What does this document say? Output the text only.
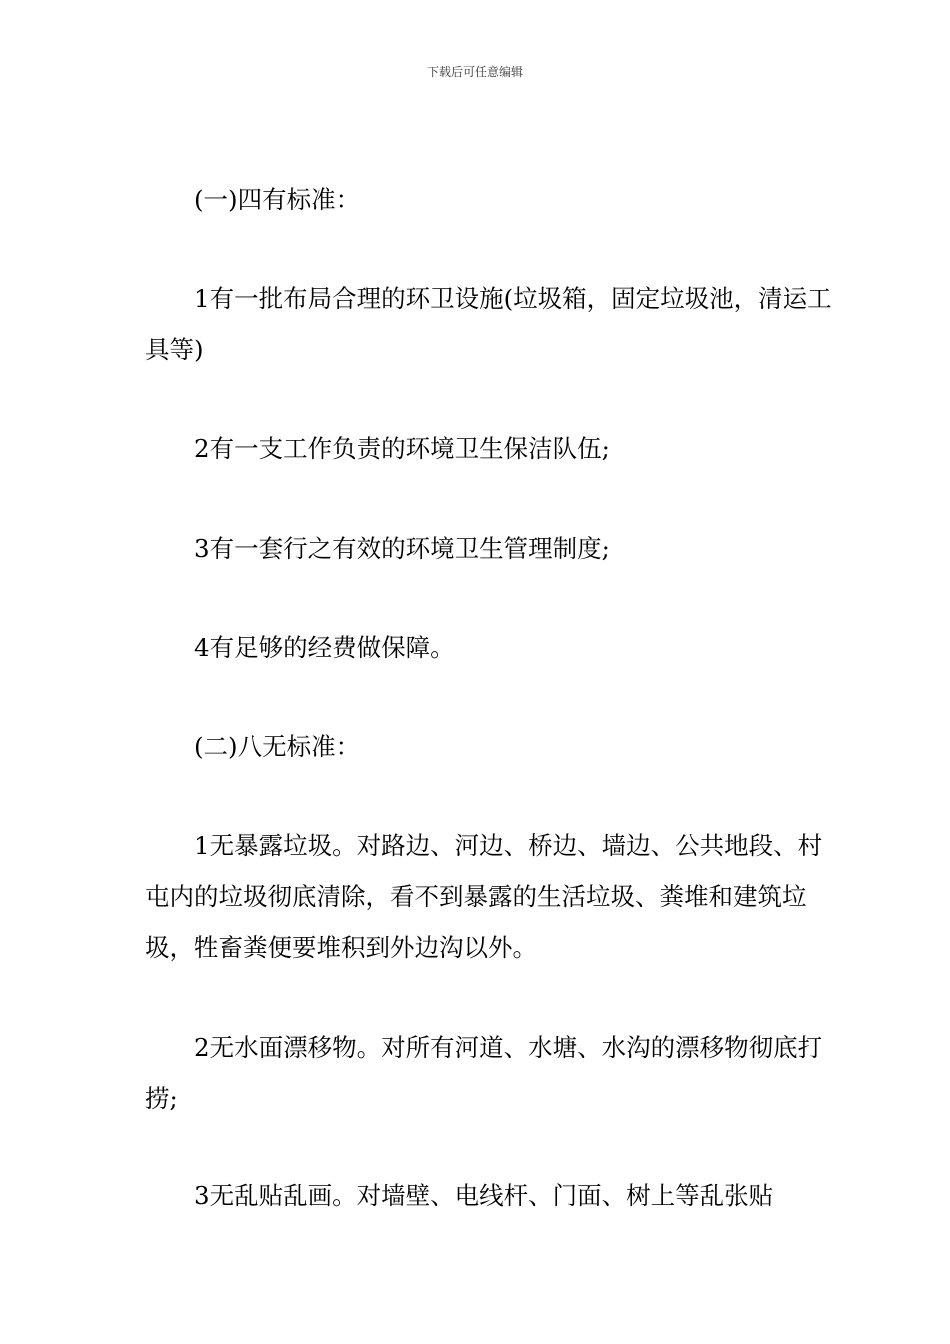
下载后可任意编辑

(一)四有标准：

1有一批布局合理的环卫设施(垃圾箱，固定垃圾池，清运工具等)

2有一支工作负责的环境卫生保洁队伍;

3有一套行之有效的环境卫生管理制度;

4有足够的经费做保障。

(二)八无标准：

1无暴露垃圾。对路边、河边、桥边、墙边、公共地段、村屯内的垃圾彻底清除，看不到暴露的生活垃圾、粪堆和建筑垃圾，牲畜粪便要堆积到外边沟以外。

2无水面漂移物。对所有河道、水塘、水沟的漂移物彻底打捞;

3无乱贴乱画。对墙壁、电线杆、门面、树上等乱张贴
